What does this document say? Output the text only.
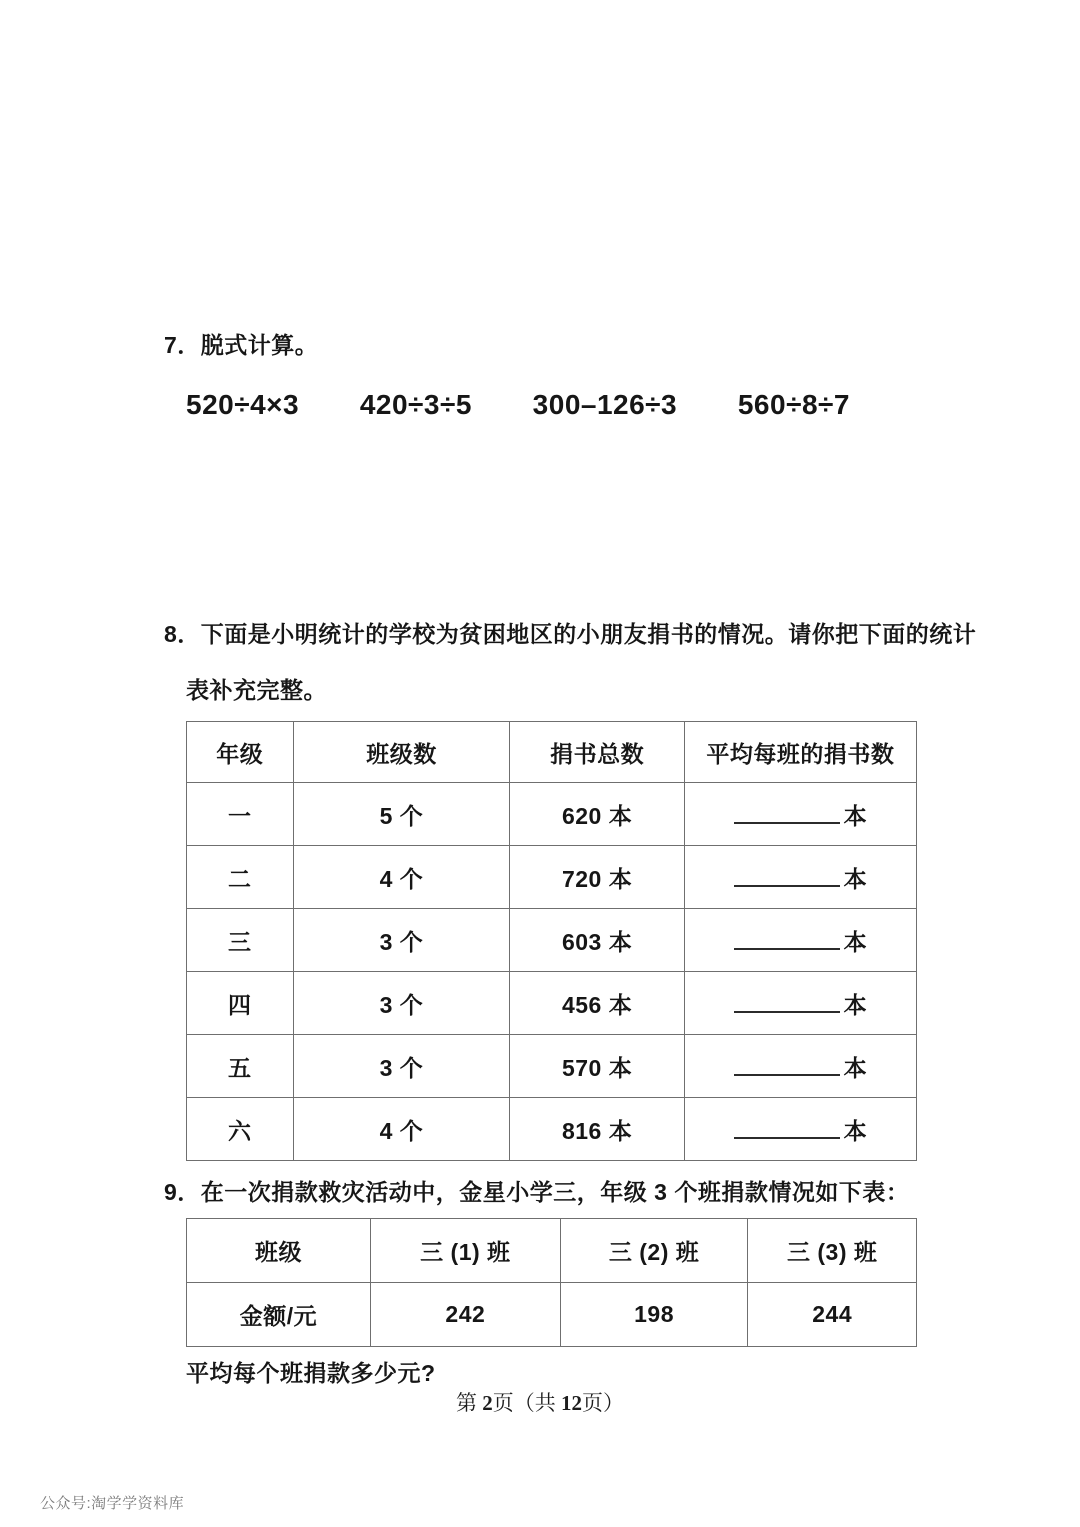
7．脱式计算。
520÷4×3 420÷3÷5 300–126÷3 560÷8÷7
8．下面是小明统计的学校为贫困地区的小朋友捐书的情况。请你把下面的统计
表补充完整。
年级	班级数	捐书总数	平均每班的捐书数
一	5 个	620 本	本
二	4 个	720 本	本
三	3 个	603 本	本
四	3 个	456 本	本
五	3 个	570 本	本
六	4 个	816 本	本
9．在一次捐款救灾活动中，金星小学三，年级 3 个班捐款情况如下表：
班级	三 (1) 班	三 (2) 班	三 (3) 班
金额/元	242	198	244
平均每个班捐款多少元?
第 2页（共 12页）
公众号:淘学学资料库
